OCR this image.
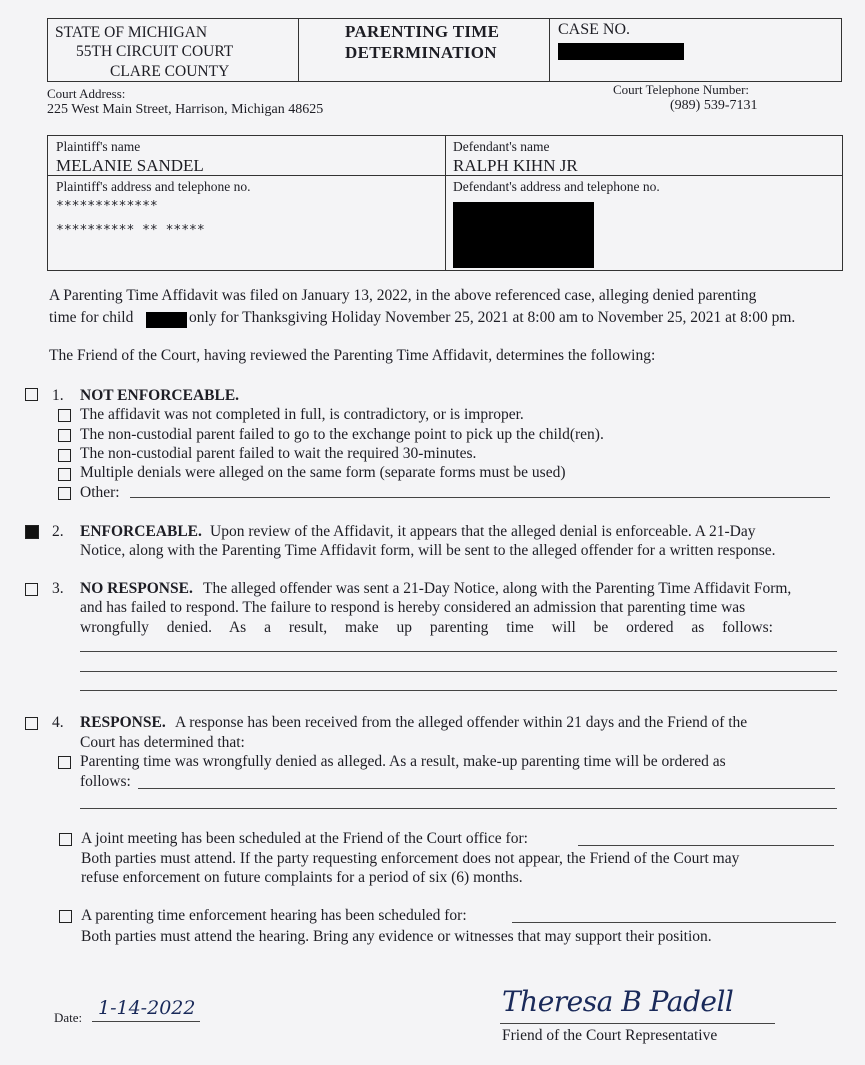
STATE OF MICHIGAN
55TH CIRCUIT COURT
CLARE COUNTY
PARENTING TIME
DETERMINATION
CASE NO.
Court Address:
225 West Main Street, Harrison, Michigan 48625
Court Telephone Number:
(989) 539-7131
Plaintiff's name
MELANIE SANDEL
Defendant's name
RALPH KIHN JR
Plaintiff's address and telephone no.
*************
********** ** *****
Defendant's address and telephone no.
A Parenting Time Affidavit was filed on January 13, 2022, in the above referenced case, alleging denied parenting
time for child	only for Thanksgiving Holiday November 25, 2021 at 8:00 am to November 25, 2021 at 8:00 pm.
The Friend of the Court, having reviewed the Parenting Time Affidavit, determines the following:
1. NOT ENFORCEABLE.
The affidavit was not completed in full, is contradictory, or is improper.
The non-custodial parent failed to go to the exchange point to pick up the child(ren).
The non-custodial parent failed to wait the required 30-minutes.
Multiple denials were alleged on the same form (separate forms must be used)
Other:
2. ENFORCEABLE. Upon review of the Affidavit, it appears that the alleged denial is enforceable. A 21-Day
Notice, along with the Parenting Time Affidavit form, will be sent to the alleged offender for a written response.
3. NO RESPONSE. The alleged offender was sent a 21-Day Notice, along with the Parenting Time Affidavit Form,
and has failed to respond. The failure to respond is hereby considered an admission that parenting time was
wrongfully denied. As a result, make up parenting time will be ordered as follows:
4. RESPONSE. A response has been received from the alleged offender within 21 days and the Friend of the
Court has determined that:
Parenting time was wrongfully denied as alleged. As a result, make-up parenting time will be ordered as
follows:
A joint meeting has been scheduled at the Friend of the Court office for:
Both parties must attend. If the party requesting enforcement does not appear, the Friend of the Court may
refuse enforcement on future complaints for a period of six (6) months.
A parenting time enforcement hearing has been scheduled for:
Both parties must attend the hearing. Bring any evidence or witnesses that may support their position.
Date: 1-14-2022	Theresa B Padell
Friend of the Court Representative
